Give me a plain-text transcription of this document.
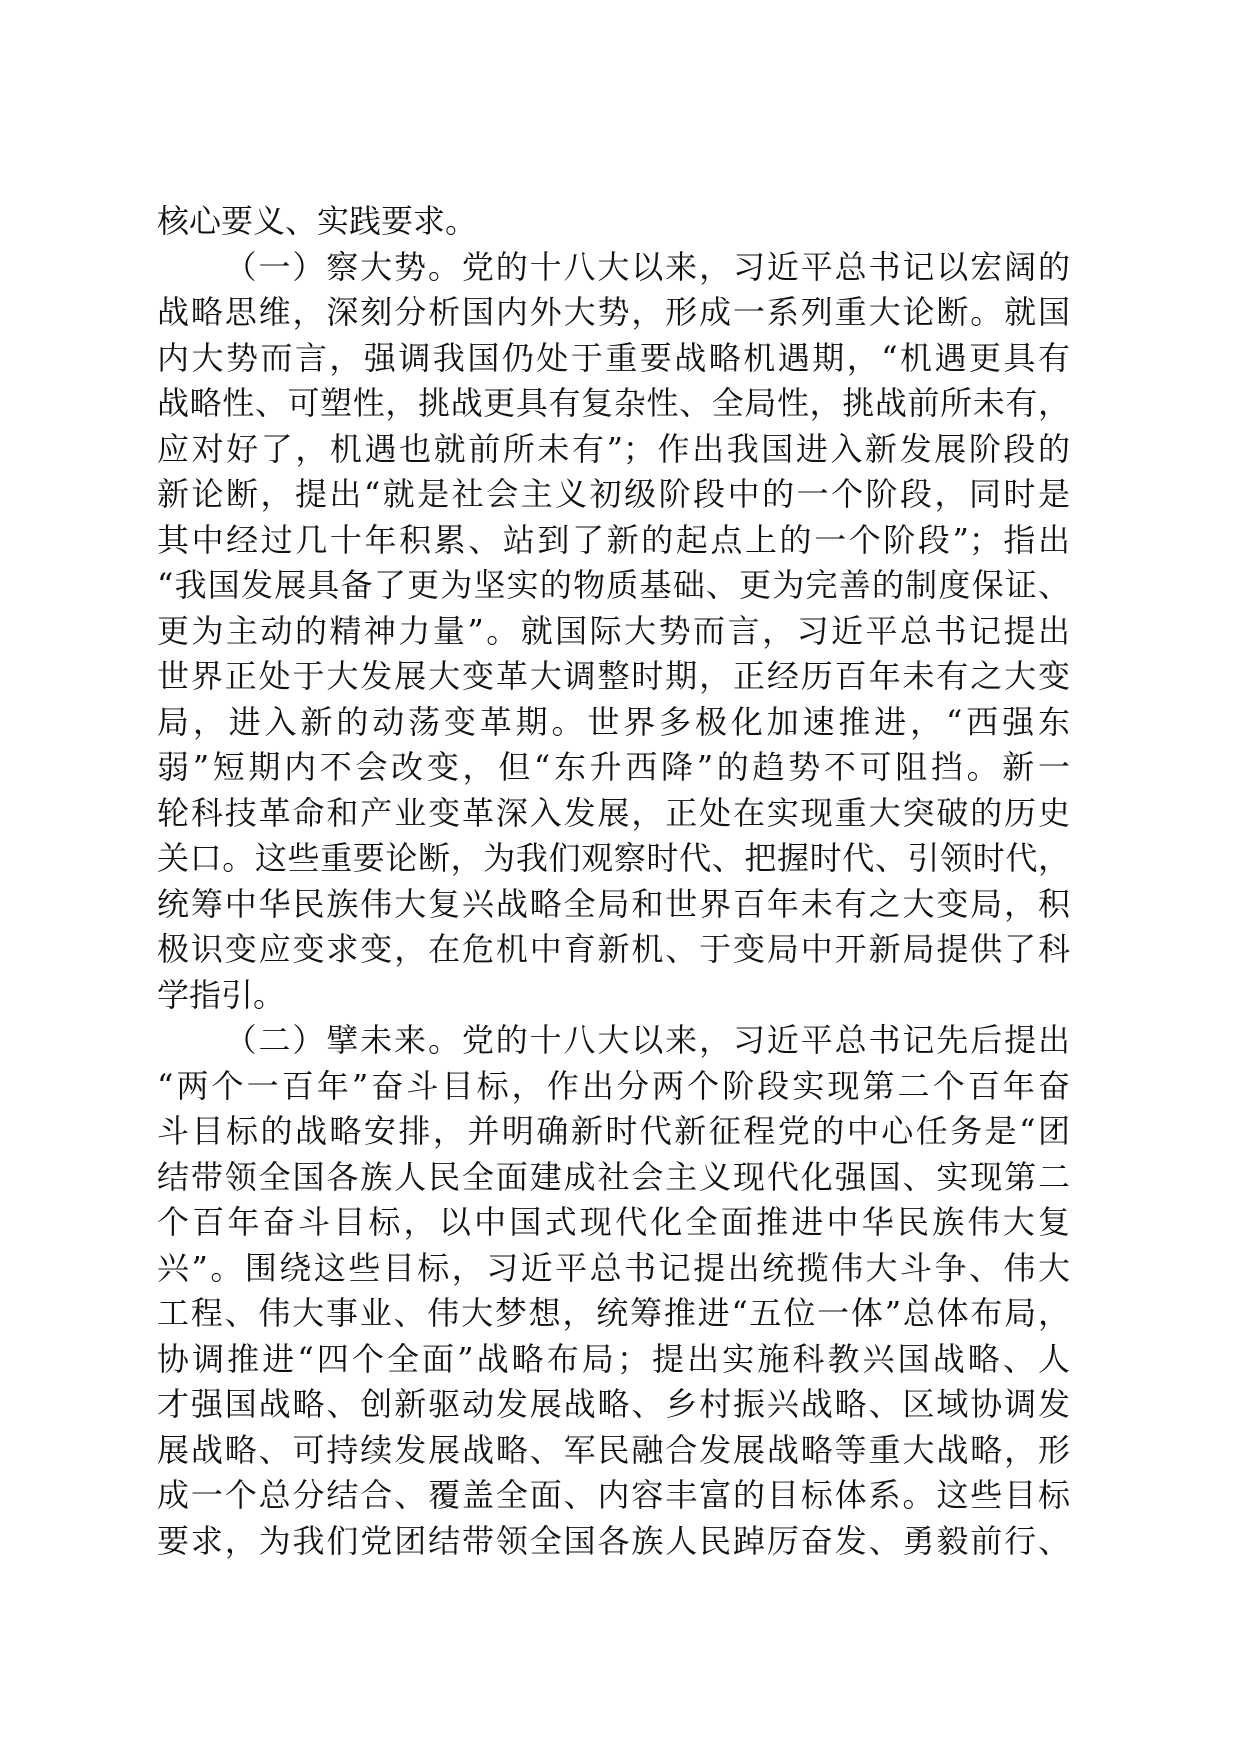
核心要义、实践要求。
（一）察大势。党的十八大以来，习近平总书记以宏阔的
战略思维，深刻分析国内外大势，形成一系列重大论断。就国
内大势而言，强调我国仍处于重要战略机遇期，“机遇更具有
战略性、可塑性，挑战更具有复杂性、全局性，挑战前所未有，
应对好了，机遇也就前所未有”；作出我国进入新发展阶段的
新论断，提出“就是社会主义初级阶段中的一个阶段，同时是
其中经过几十年积累、站到了新的起点上的一个阶段”；指出
“我国发展具备了更为坚实的物质基础、更为完善的制度保证、
更为主动的精神力量”。就国际大势而言，习近平总书记提出
世界正处于大发展大变革大调整时期，正经历百年未有之大变
局，进入新的动荡变革期。世界多极化加速推进，“西强东
弱”短期内不会改变，但“东升西降”的趋势不可阻挡。新一
轮科技革命和产业变革深入发展，正处在实现重大突破的历史
关口。这些重要论断，为我们观察时代、把握时代、引领时代，
统筹中华民族伟大复兴战略全局和世界百年未有之大变局，积
极识变应变求变，在危机中育新机、于变局中开新局提供了科
学指引。
（二）擘未来。党的十八大以来，习近平总书记先后提出
“两个一百年”奋斗目标，作出分两个阶段实现第二个百年奋
斗目标的战略安排，并明确新时代新征程党的中心任务是“团
结带领全国各族人民全面建成社会主义现代化强国、实现第二
个百年奋斗目标，以中国式现代化全面推进中华民族伟大复
兴”。围绕这些目标，习近平总书记提出统揽伟大斗争、伟大
工程、伟大事业、伟大梦想，统筹推进“五位一体”总体布局，
协调推进“四个全面”战略布局；提出实施科教兴国战略、人
才强国战略、创新驱动发展战略、乡村振兴战略、区域协调发
展战略、可持续发展战略、军民融合发展战略等重大战略，形
成一个总分结合、覆盖全面、内容丰富的目标体系。这些目标
要求，为我们党团结带领全国各族人民踔厉奋发、勇毅前行、
